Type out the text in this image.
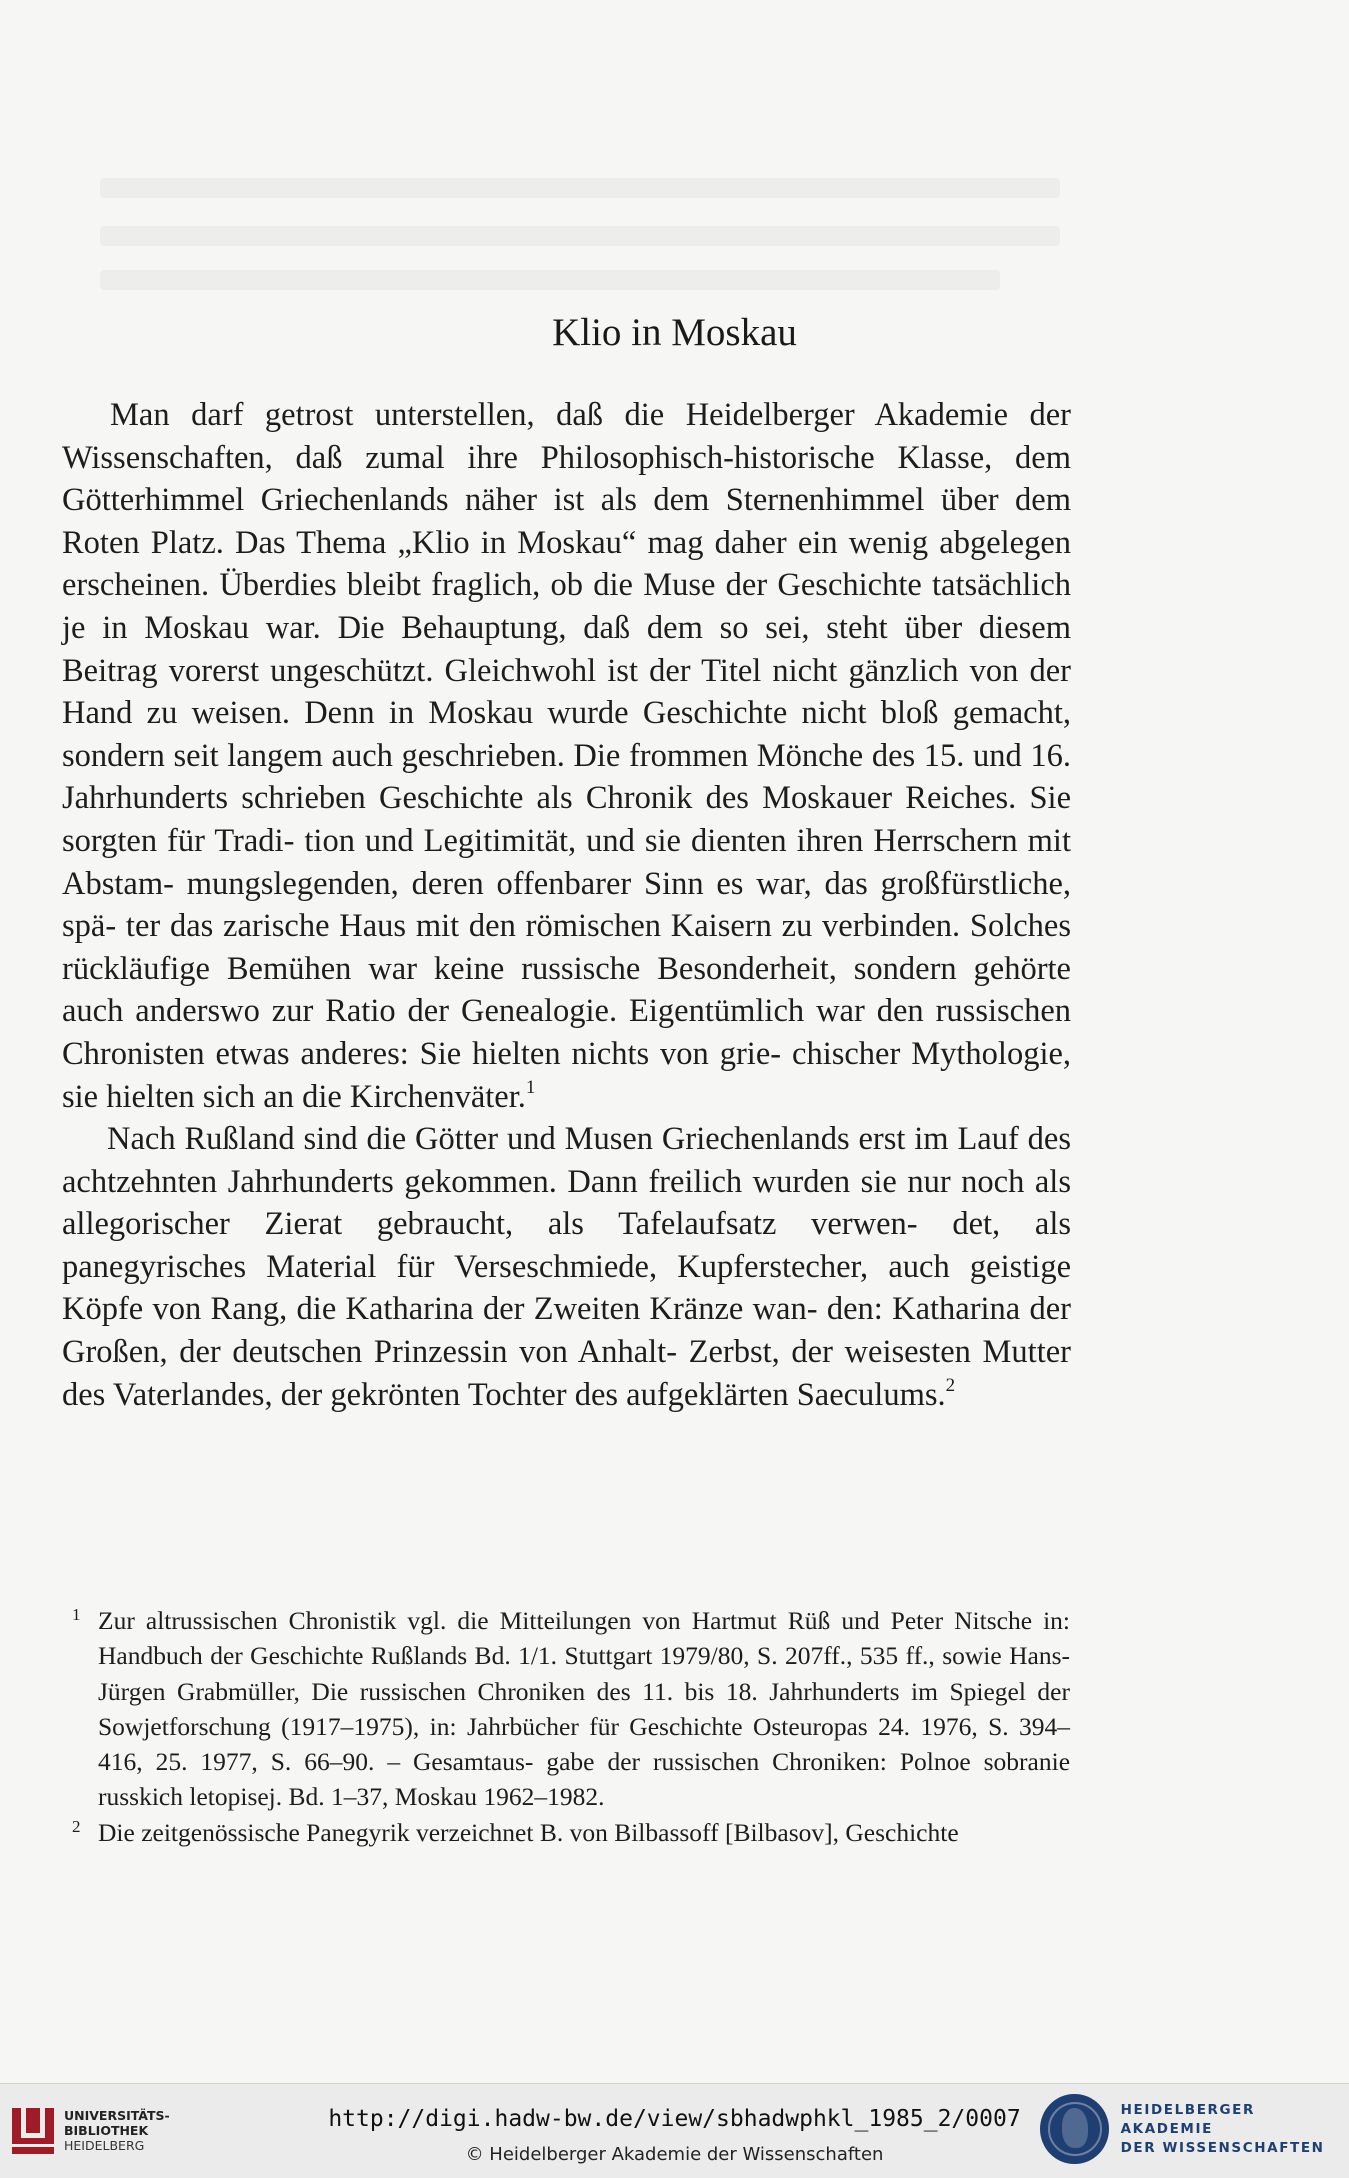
Klio in Moskau

Man darf getrost unterstellen, daß die Heidelberger Akademie der Wissenschaften, daß zumal ihre Philosophisch-historische Klasse, dem Götterhimmel Griechenlands näher ist als dem Sternenhimmel über dem Roten Platz. Das Thema „Klio in Moskau“ mag daher ein wenig abgelegen erscheinen. Überdies bleibt fraglich, ob die Muse der Geschichte tatsächlich je in Moskau war. Die Behauptung, daß dem so sei, steht über diesem Beitrag vorerst ungeschützt. Gleichwohl ist der Titel nicht gänzlich von der Hand zu weisen. Denn in Moskau wurde Geschichte nicht bloß gemacht, sondern seit langem auch geschrieben. Die frommen Mönche des 15. und 16. Jahrhunderts schrieben Geschichte als Chronik des Moskauer Reiches. Sie sorgten für Tradi- tion und Legitimität, und sie dienten ihren Herrschern mit Abstam- mungslegenden, deren offenbarer Sinn es war, das großfürstliche, spä- ter das zarische Haus mit den römischen Kaisern zu verbinden. Solches rückläufige Bemühen war keine russische Besonderheit, sondern gehörte auch anderswo zur Ratio der Genealogie. Eigentümlich war den russischen Chronisten etwas anderes: Sie hielten nichts von grie- chischer Mythologie, sie hielten sich an die Kirchenväter.$^1$

Nach Rußland sind die Götter und Musen Griechenlands erst im Lauf des achtzehnten Jahrhunderts gekommen. Dann freilich wurden sie nur noch als allegorischer Zierat gebraucht, als Tafelaufsatz verwen- det, als panegyrisches Material für Verseschmiede, Kupferstecher, auch geistige Köpfe von Rang, die Katharina der Zweiten Kränze wan- den: Katharina der Großen, der deutschen Prinzessin von Anhalt- Zerbst, der weisesten Mutter des Vaterlandes, der gekrönten Tochter des aufgeklärten Saeculums.$^2$

1 Zur altrussischen Chronistik vgl. die Mitteilungen von Hartmut Rüß und Peter Nitsche in: Handbuch der Geschichte Rußlands Bd. 1/1. Stuttgart 1979/80, S. 207ff., 535 ff., sowie Hans-Jürgen Grabmüller, Die russischen Chroniken des 11. bis 18. Jahrhunderts im Spiegel der Sowjetforschung (1917–1975), in: Jahrbücher für Geschichte Osteuropas 24. 1976, S. 394–416, 25. 1977, S. 66–90. – Gesamtaus- gabe der russischen Chroniken: Polnoe sobranie russkich letopisej. Bd. 1–37, Moskau 1962–1982.

2 Die zeitgenössische Panegyrik verzeichnet B. von Bilbassoff [Bilbasov], Geschichte

UNIVERSITÄTS-
BIBLIOTHEK
HEIDELBERG
http://digi.hadw-bw.de/view/sbhadwphkl_1985_2/0007
© Heidelberger Akademie der Wissenschaften
HEIDELBERGER AKADEMIE
DER WISSENSCHAFTEN
